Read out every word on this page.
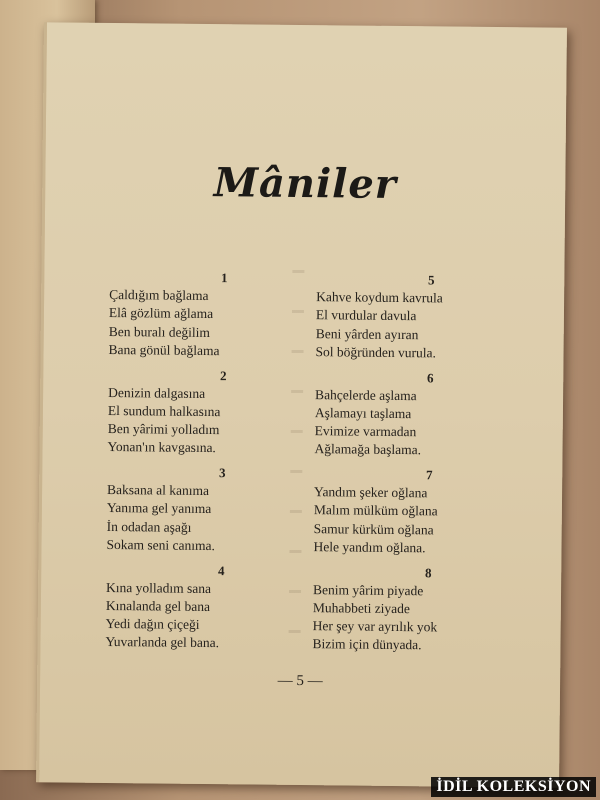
Mâniler
1
Çaldığım bağlama
Elâ gözlüm ağlama
Ben buralı değilim
Bana gönül bağlama
2
Denizin dalgasına
El sundum halkasına
Ben yârimi yolladım
Yonan'ın kavgasına.
3
Baksana al kanıma
Yanıma gel yanıma
İn odadan aşağı
Sokam seni canıma.
4
Kına yolladım sana
Kınalanda gel bana
Yedi dağın çiçeği
Yuvarlanda gel bana.
5
Kahve koydum kavrula
El vurdular davula
Beni yârden ayıran
Sol böğründen vurula.
6
Bahçelerde aşlama
Aşlamayı taşlama
Evimize varmadan
Ağlamağa başlama.
7
Yandım şeker oğlana
Malım mülküm oğlana
Samur kürküm oğlana
Hele yandım oğlana.
8
Benim yârim piyade
Muhabbeti ziyade
Her şey var ayrılık yok
Bizim için dünyada.
— 5 —
İDİL KOLEKSİYON
